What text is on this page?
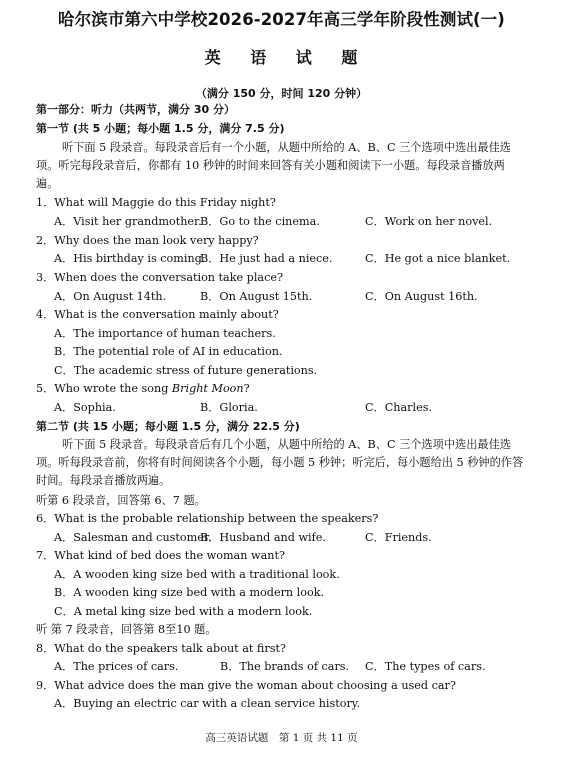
哈尔滨市第六中学校2026-2027年高三学年阶段性测试(一)
英 语 试 题
（满分 150 分，时间 120 分钟）
第一部分：听力（共两节，满分 30 分）
第一节 (共 5 小题；每小题 1.5 分，满分 7.5 分)
听下面 5 段录音。每段录音后有一个小题，从题中所给的 A、B、C 三个选项中选出最佳选项。听完每段录音后，你都有 10 秒钟的时间来回答有关小题和阅读下一小题。每段录音播放两遍。
1．What will Maggie do this Friday night?
A．Visit her grandmother.
B．Go to the cinema.	C．Work on her novel.
2．Why does the man look very happy?
A．His birthday is coming.
B．He just had a niece.	C．He got a nice blanket.
3．When does the conversation take place?
A．On August 14th.	B．On August 15th.	C．On August 16th.
4．What is the conversation mainly about?
A．The importance of human teachers.
B．The potential role of AI in education.
C．The academic stress of future generations.
5．Who wrote the song Bright Moon?
A．Sophia.	B．Gloria.	C．Charles.
第二节 (共 15 小题；每小题 1.5 分，满分 22.5 分)
听下面 5 段录音。每段录音后有几个小题，从题中所给的 A、B、C 三个选项中选出最佳选项。听每段录音前，你将有时间阅读各个小题，每小题 5 秒钟；听完后，每小题给出 5 秒钟的作答时间。每段录音播放两遍。
听第 6 段录音，回答第 6、7 题。
6．What is the probable relationship between the speakers?
A．Salesman and customer.
B．Husband and wife.	C．Friends.
7．What kind of bed does the woman want?
A．A wooden king size bed with a traditional look.
B．A wooden king size bed with a modern look.
C．A metal king size bed with a modern look.
听 第 7 段录音，回答第 8至10 题。
8．What do the speakers talk about at first?
A．The prices of cars.	B．The brands of cars. C．The types of cars.
9．What advice does the man give the woman about choosing a used car?
A．Buying an electric car with a clean service history.
高三英语试题　第 1 页 共 11 页
